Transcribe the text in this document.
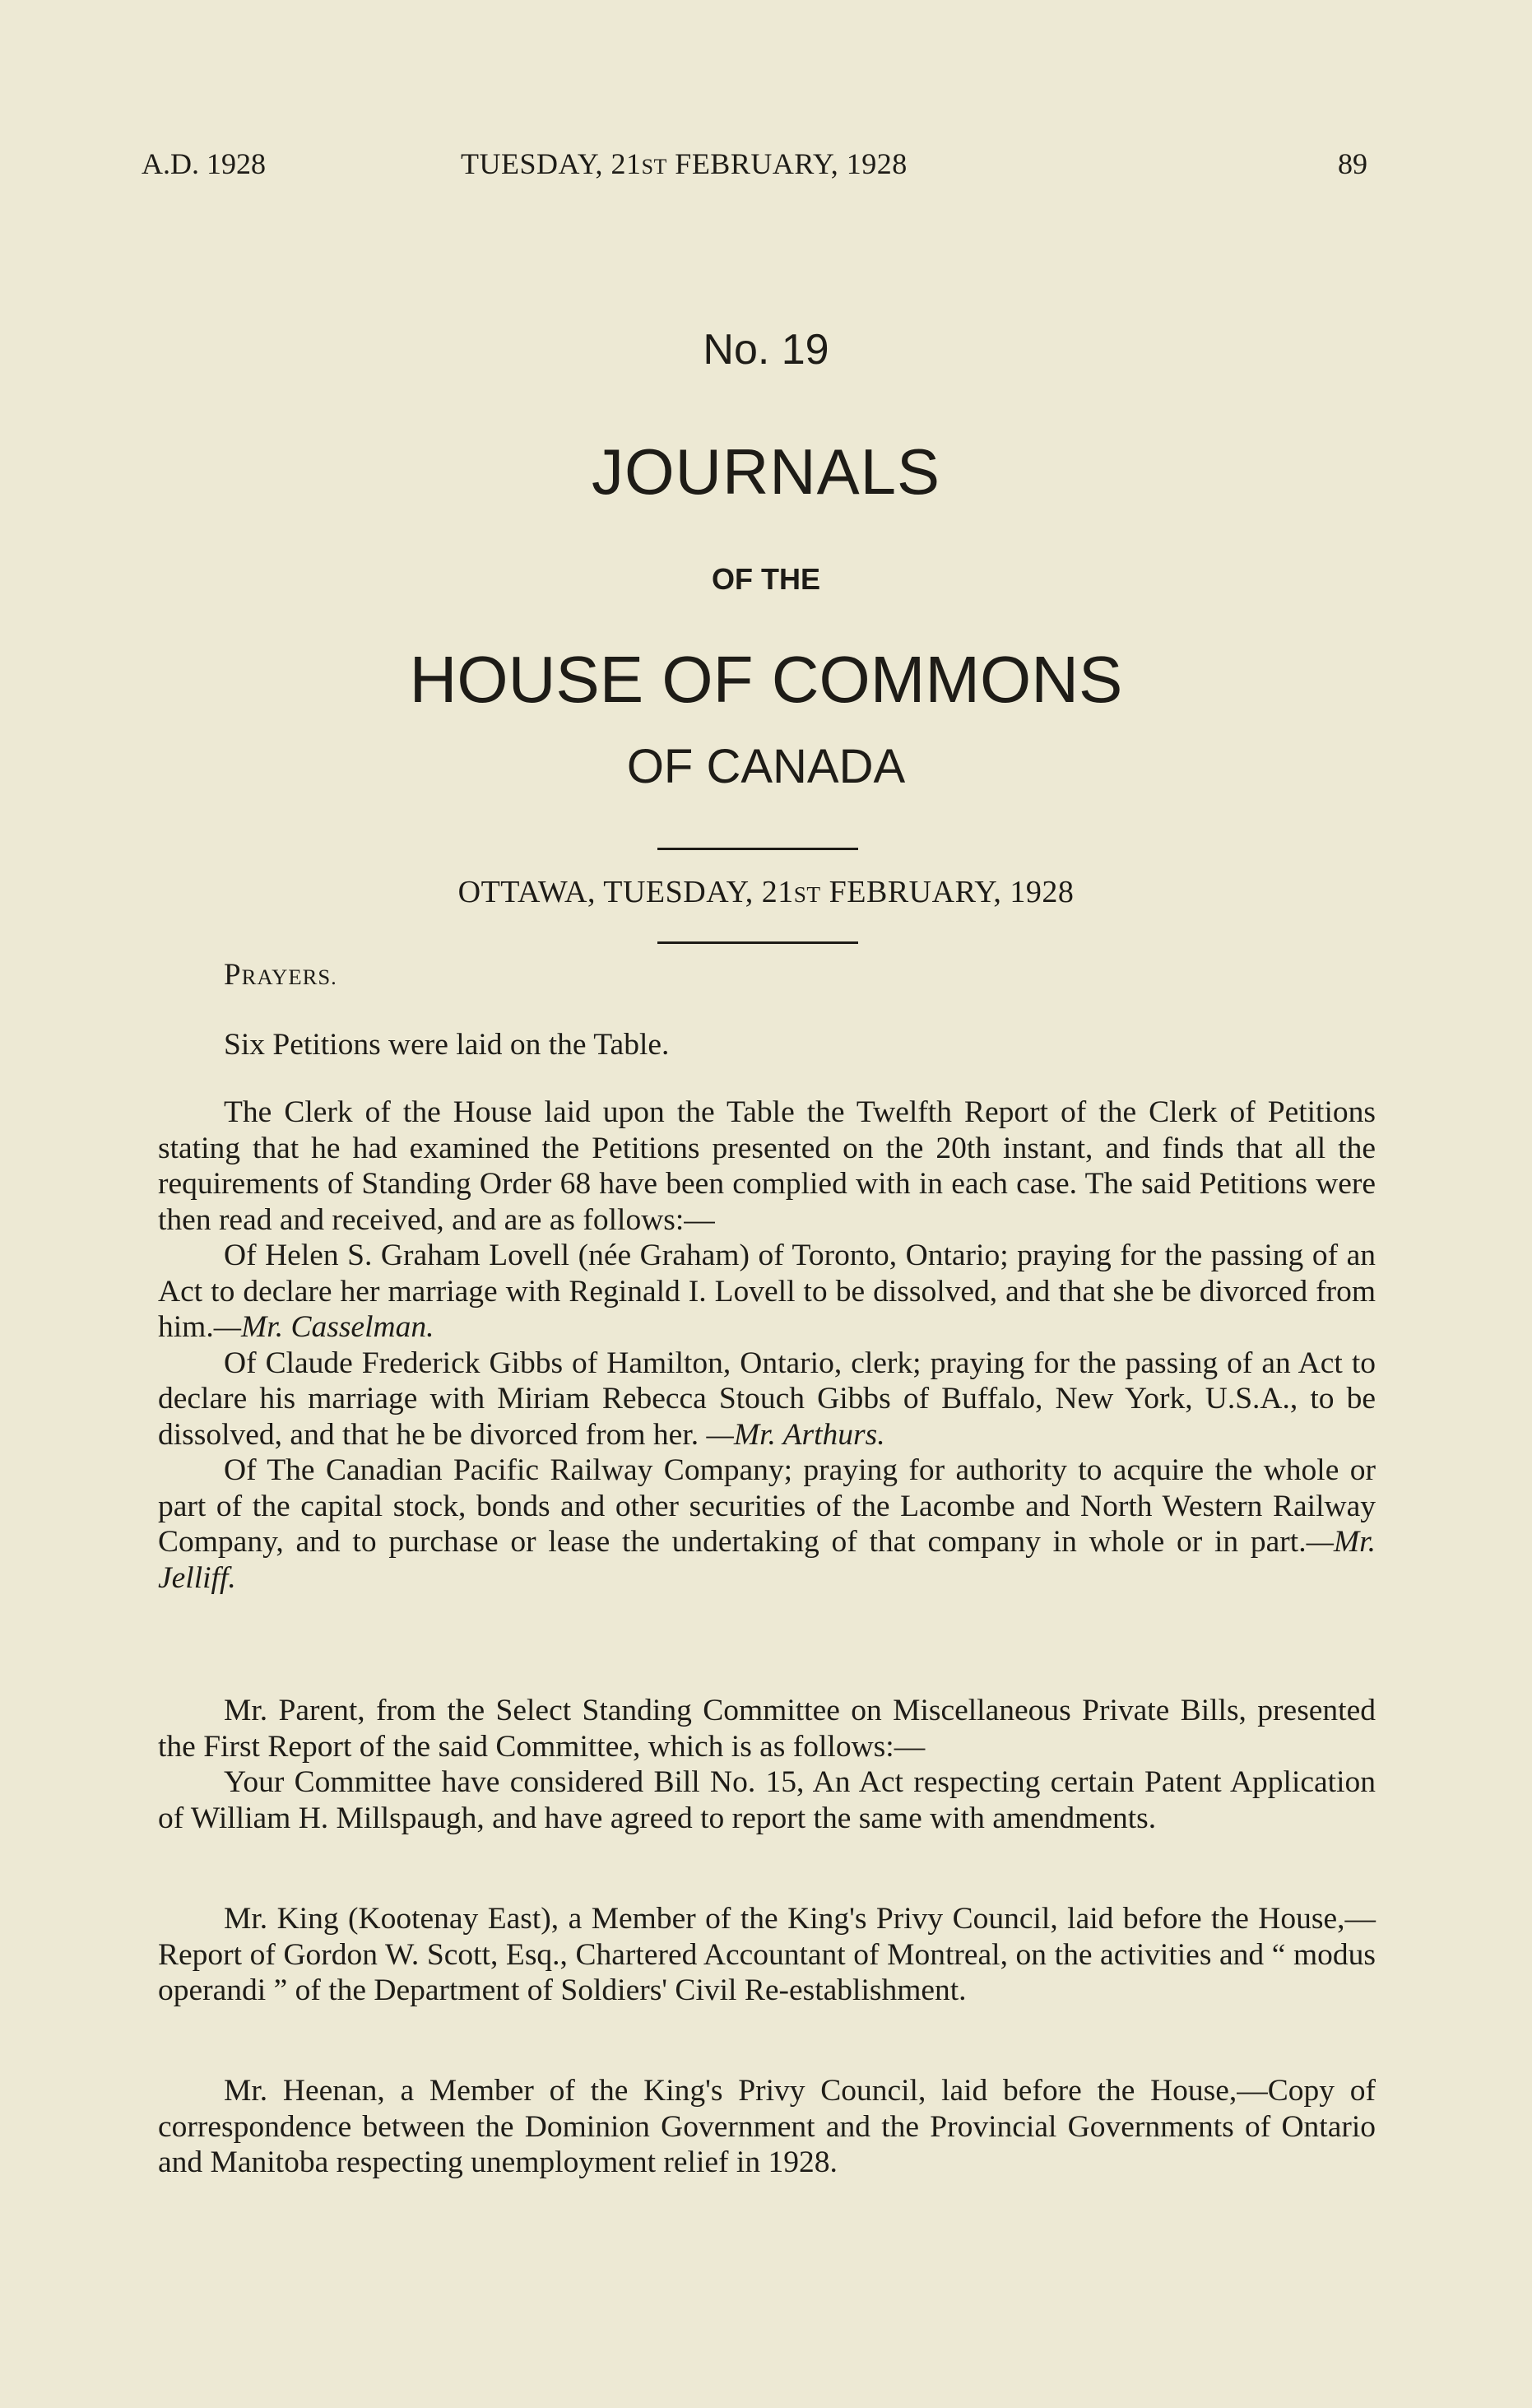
A.D. 1928	TUESDAY, 21ST FEBRUARY, 1928	89
No. 19
JOURNALS
OF THE
HOUSE OF COMMONS
OF CANADA
OTTAWA, TUESDAY, 21ST FEBRUARY, 1928
PRAYERS.

Six Petitions were laid on the Table.

The Clerk of the House laid upon the Table the Twelfth Report of the Clerk of Petitions stating that he had examined the Petitions presented on the 20th instant, and finds that all the requirements of Standing Order 68 have been complied with in each case. The said Petitions were then read and received, and are as follows:—

Of Helen S. Graham Lovell (née Graham) of Toronto, Ontario; praying for the passing of an Act to declare her marriage with Reginald I. Lovell to be dissolved, and that she be divorced from him.—Mr. Casselman.

Of Claude Frederick Gibbs of Hamilton, Ontario, clerk; praying for the passing of an Act to declare his marriage with Miriam Rebecca Stouch Gibbs of Buffalo, New York, U.S.A., to be dissolved, and that he be divorced from her. —Mr. Arthurs.

Of The Canadian Pacific Railway Company; praying for authority to acquire the whole or part of the capital stock, bonds and other securities of the Lacombe and North Western Railway Company, and to purchase or lease the undertaking of that company in whole or in part.—Mr. Jelliff.

Mr. Parent, from the Select Standing Committee on Miscellaneous Private Bills, presented the First Report of the said Committee, which is as follows:—

Your Committee have considered Bill No. 15, An Act respecting certain Patent Application of William H. Millspaugh, and have agreed to report the same with amendments.

Mr. King (Kootenay East), a Member of the King's Privy Council, laid before the House,—Report of Gordon W. Scott, Esq., Chartered Accountant of Montreal, on the activities and “ modus operandi ” of the Department of Soldiers' Civil Re-establishment.

Mr. Heenan, a Member of the King's Privy Council, laid before the House,—Copy of correspondence between the Dominion Government and the Provincial Governments of Ontario and Manitoba respecting unemployment relief in 1928.
